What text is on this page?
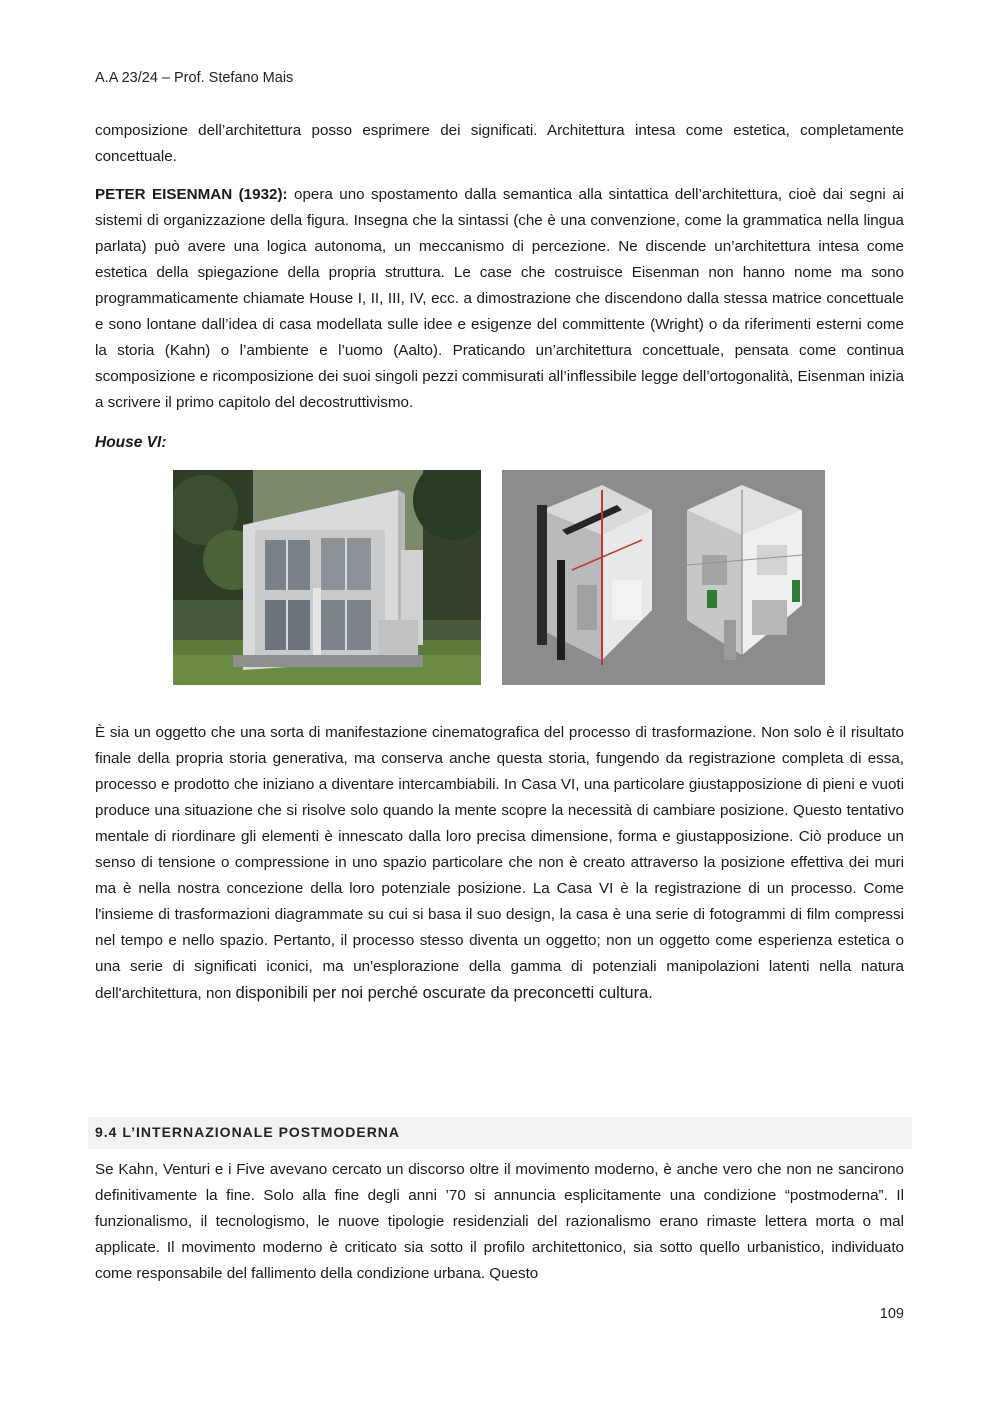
A.A 23/24 – Prof. Stefano Mais

composizione dell’architettura posso esprimere dei significati. Architettura intesa come estetica, completamente concettuale.

PETER EISENMAN (1932): opera uno spostamento dalla semantica alla sintattica dell’architettura, cioè dai segni ai sistemi di organizzazione della figura. Insegna che la sintassi (che è una convenzione, come la grammatica nella lingua parlata) può avere una logica autonoma, un meccanismo di percezione. Ne discende un’architettura intesa come estetica della spiegazione della propria struttura. Le case che costruisce Eisenman non hanno nome ma sono programmaticamente chiamate House I, II, III, IV, ecc. a dimostrazione che discendono dalla stessa matrice concettuale e sono lontane dall’idea di casa modellata sulle idee e esigenze del committente (Wright) o da riferimenti esterni come la storia (Kahn) o l’ambiente e l’uomo (Aalto). Praticando un’architettura concettuale, pensata come continua scomposizione e ricomposizione dei suoi singoli pezzi commisurati all’inflessibile legge dell’ortogonalità, Eisenman inizia a scrivere il primo capitolo del decostruttivismo.

House VI:

È sia un oggetto che una sorta di manifestazione cinematografica del processo di trasformazione. Non solo è il risultato finale della propria storia generativa, ma conserva anche questa storia, fungendo da registrazione completa di essa, processo e prodotto che iniziano a diventare intercambiabili. In Casa VI, una particolare giustapposizione di pieni e vuoti produce una situazione che si risolve solo quando la mente scopre la necessità di cambiare posizione. Questo tentativo mentale di riordinare gli elementi è innescato dalla loro precisa dimensione, forma e giustapposizione. Ciò produce un senso di tensione o compressione in uno spazio particolare che non è creato attraverso la posizione effettiva dei muri ma è nella nostra concezione della loro potenziale posizione. La Casa VI è la registrazione di un processo. Come l'insieme di trasformazioni diagrammate su cui si basa il suo design, la casa è una serie di fotogrammi di film compressi nel tempo e nello spazio. Pertanto, il processo stesso diventa un oggetto; non un oggetto come esperienza estetica o una serie di significati iconici, ma un'esplorazione della gamma di potenziali manipolazioni latenti nella natura dell'architettura, non disponibili per noi perché oscurate da preconcetti cultura.

9.4 L’INTERNAZIONALE POSTMODERNA

Se Kahn, Venturi e i Five avevano cercato un discorso oltre il movimento moderno, è anche vero che non ne sancirono definitivamente la fine. Solo alla fine degli anni ’70 si annuncia esplicitamente una condizione “postmoderna”. Il funzionalismo, il tecnologismo, le nuove tipologie residenziali del razionalismo erano rimaste lettera morta o mal applicate. Il movimento moderno è criticato sia sotto il profilo architettonico, sia sotto quello urbanistico, individuato come responsabile del fallimento della condizione urbana. Questo

109
